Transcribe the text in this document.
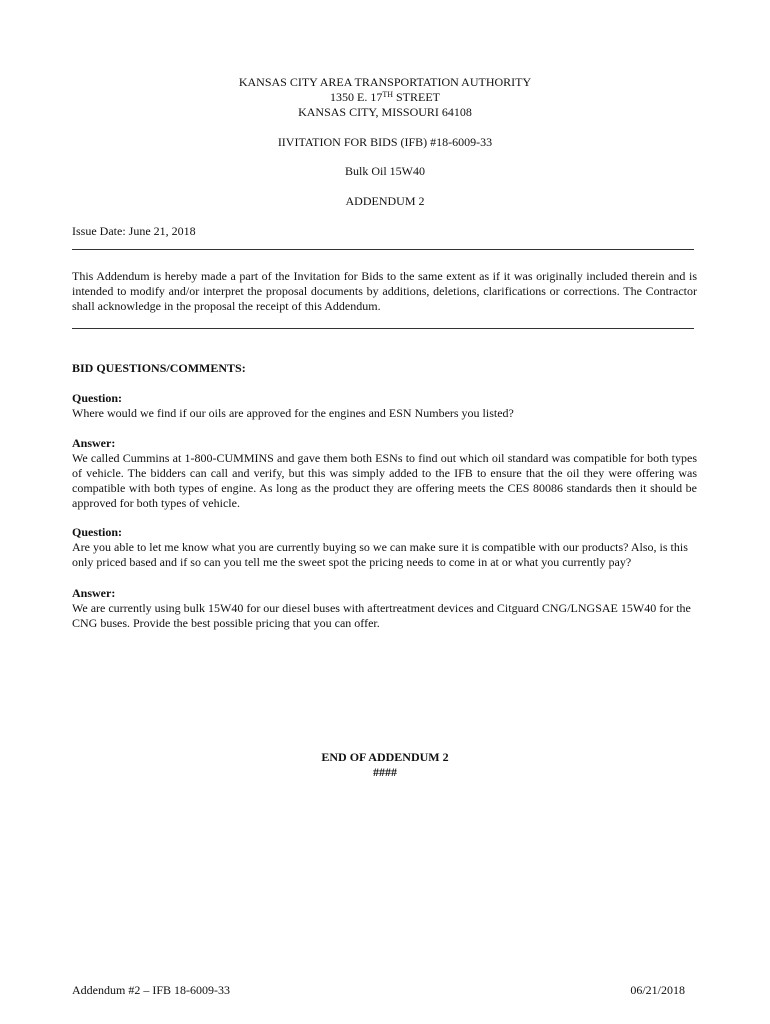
KANSAS CITY AREA TRANSPORTATION AUTHORITY
1350 E. 17TH STREET
KANSAS CITY, MISSOURI 64108
IIVITATION FOR BIDS (IFB) #18-6009-33
Bulk Oil 15W40
ADDENDUM 2
Issue Date: June 21, 2018
This Addendum is hereby made a part of the Invitation for Bids to the same extent as if it was originally included therein and is intended to modify and/or interpret the proposal documents by additions, deletions, clarifications or corrections. The Contractor shall acknowledge in the proposal the receipt of this Addendum.
BID QUESTIONS/COMMENTS:
Question:
Where would we find if our oils are approved for the engines and ESN Numbers you listed?
Answer:
We called Cummins at 1-800-CUMMINS and gave them both ESNs to find out which oil standard was compatible for both types of vehicle. The bidders can call and verify, but this was simply added to the IFB to ensure that the oil they were offering was compatible with both types of engine. As long as the product they are offering meets the CES 80086 standards then it should be approved for both types of vehicle.
Question:
Are you able to let me know what you are currently buying so we can make sure it is compatible with our products? Also, is this only priced based and if so can you tell me the sweet spot the pricing needs to come in at or what you currently pay?
Answer:
We are currently using bulk 15W40 for our diesel buses with aftertreatment devices and Citguard CNG/LNGSAE 15W40 for the CNG buses. Provide the best possible pricing that you can offer.
END OF ADDENDUM 2
####
Addendum #2 – IFB 18-6009-33	06/21/2018
